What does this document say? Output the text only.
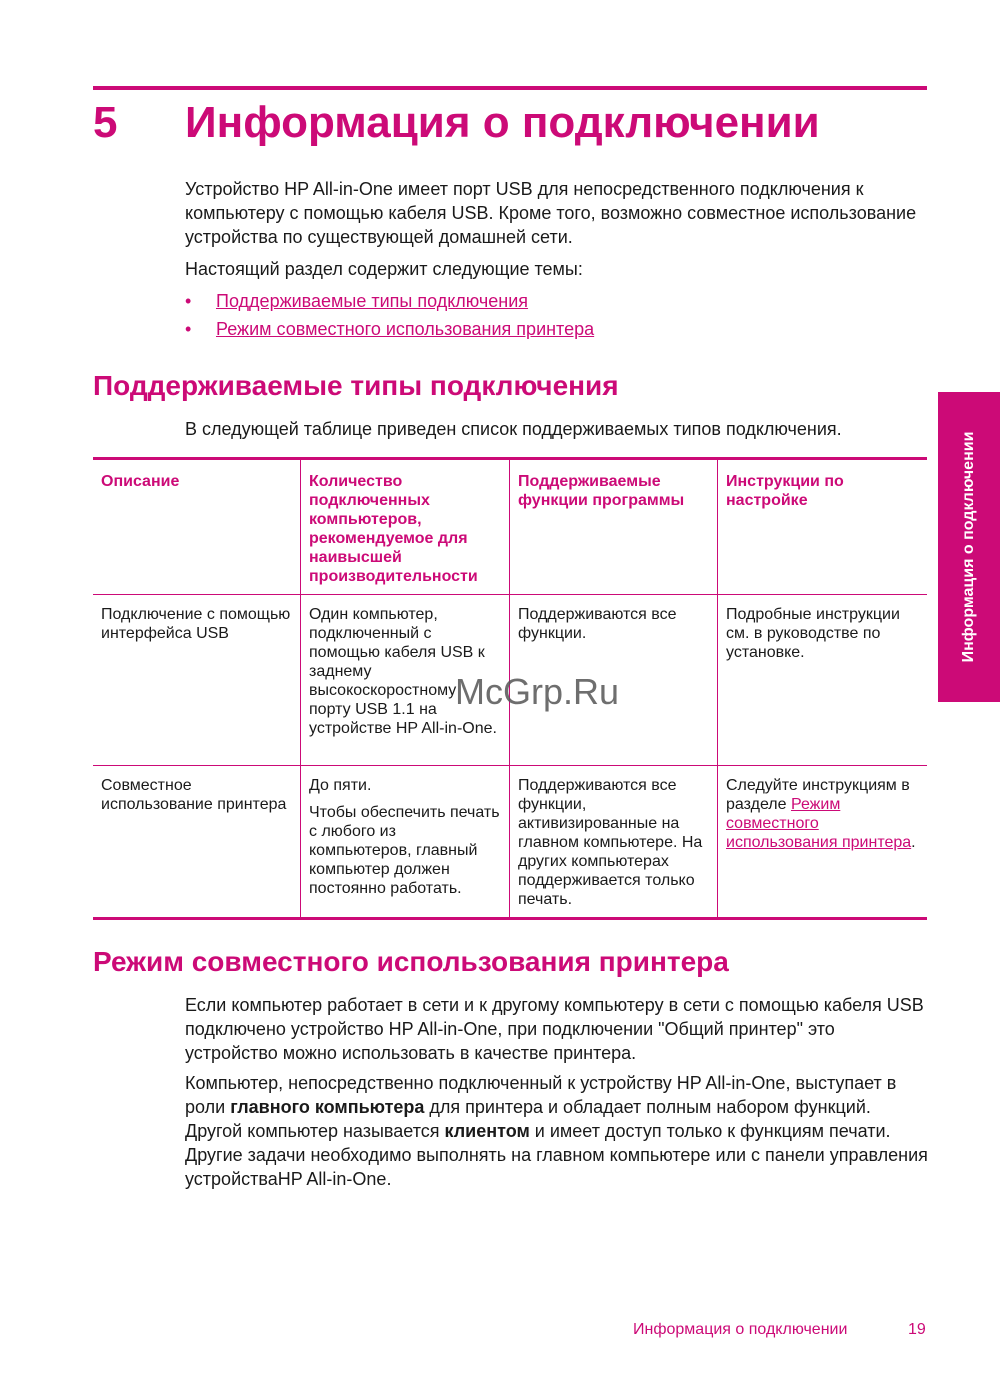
5 Информация о подключении

Устройство HP All-in-One имеет порт USB для непосредственного подключения к компьютеру с помощью кабеля USB. Кроме того, возможно совместное использование устройства по существующей домашней сети.

Настоящий раздел содержит следующие темы:

• Поддерживаемые типы подключения
• Режим совместного использования принтера
Поддерживаемые типы подключения

В следующей таблице приведен список поддерживаемых типов подключения.

Описание	Количество подключенных компьютеров, рекомендуемое для наивысшей производительности
Поддерживаемые функции программы
Инструкции по настройке
Подключение с помощью интерфейса USB
Один компьютер, подключенный с помощью кабеля USB к заднему высокоскоростному порту USB 1.1 на устройстве HP All-in-One.
Поддерживаются все функции.
Подробные инструкции см. в руководстве по установке.
Совместное использование принтера

До пяти.

Чтобы обеспечить печать с любого из компьютеров, главный компьютер должен постоянно работать.

Поддерживаются все функции, активизированные на главном компьютере. На других компьютерах поддерживается только печать.
Следуйте инструкциям в разделе Режим совместного использования принтера.
McGrp.Ru
Режим совместного использования принтера

Если компьютер работает в сети и к другому компьютеру в сети с помощью кабеля USB подключено устройство HP All-in-One, при подключении "Общий принтер" это устройство можно использовать в качестве принтера.

Компьютер, непосредственно подключенный к устройству HP All-in-One, выступает в роли главного компьютера для принтера и обладает полным набором функций. Другой компьютер называется клиентом и имеет доступ только к функциям печати. Другие задачи необходимо выполнять на главном компьютере или с панели управления устройстваHP All-in-One.

Информация о подключении
Информация о подключении	19
